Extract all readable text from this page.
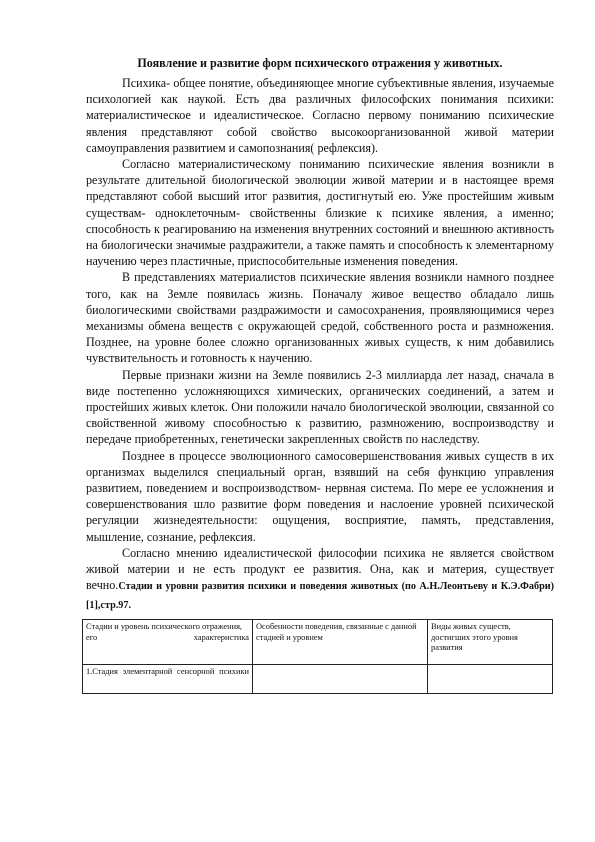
Появление и развитие форм психического отражения у животных.

Психика- общее понятие, объединяющее многие субъективные явления, изучаемые психологией как наукой. Есть два различных философских понимания психики: материалистическое и идеалистическое. Согласно первому пониманию психические явления представляют собой свойство высокоорганизованной живой материи самоуправления развитием и самопознания( рефлексия).

Согласно материалистическому пониманию психические явления возникли в результате длительной биологической эволюции живой материи и в настоящее время представляют собой высший итог развития, достигнутый ею. Уже простейшим живым существам- одноклеточным- свойственны близкие к психике явления, а именно; способность к реагированию на изменения внутренних состояний и внешнюю активность на биологически значимые раздражители, а также память и способность к элементарному научению через пластичные, приспособительные изменения поведения.

В представлениях материалистов психические явления возникли намного позднее того, как на Земле появилась жизнь. Поначалу живое вещество обладало лишь биологическими свойствами раздражимости и самосохранения, проявляющимися через механизмы обмена веществ с окружающей средой, собственного роста и размножения. Позднее, на уровне более сложно организованных живых существ, к ним добавились чувствительность и готовность к научению.

Первые признаки жизни на Земле появились 2-3 миллиарда лет назад, сначала в виде постепенно усложняющихся химических, органических соединений, а затем и простейших живых клеток. Они положили начало биологической эволюции, связанной со свойственной живому способностью к развитию, размножению, воспроизводству и передаче приобретенных, генетически закрепленных свойств по наследству.

Позднее в процессе эволюционного самосовершенствования живых существ в их организмах выделился специальный орган, взявший на себя функцию управления развитием, поведением и воспроизводством- нервная система. По мере ее усложнения и совершенствования шло развитие форм поведения и наслоение уровней психической регуляции жизнедеятельности: ощущения, восприятие, память, представления, мышление, сознание, рефлексия.

Согласно мнению идеалистической философии психика не является свойством живой материи и не есть продукт ее развития. Она, как и материя, существует вечно.Стадии и уровни развития психики и поведения животных (по А.Н.Леонтьеву и К.Э.Фабри) [1],стр.97.

Стадии и уровень психического отражения, его характеристика	Особенности поведения, связанные с данной стадией и уровнем	Виды живых существ, достигших этого уровня развития
1.Стадия элементарной сенсорной психики		
